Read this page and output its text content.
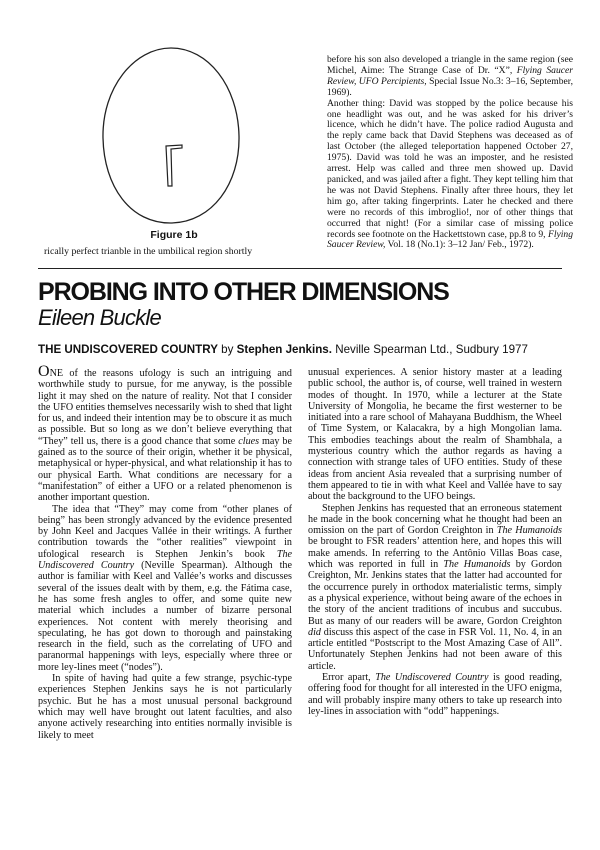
Figure 1b
rically perfect trianble in the umbilical region shortly

before his son also developed a triangle in the same region (see Michel, Aime: The Strange Case of Dr. “X”, Flying Saucer Review, UFO Percipients, Special Issue No.3: 3–16, September, 1969).

Another thing: David was stopped by the police because his one headlight was out, and he was asked for his driver’s licence, which he didn’t have. The police radiod Augusta and the reply came back that David Stephens was deceased as of last October (the alleged teleportation happened October 27, 1975). David was told he was an imposter, and he resisted arrest. Help was called and three men showed up. David panicked, and was jailed after a fight. They kept telling him that he was not David Stephens. Finally after three hours, they let him go, after taking fingerprints. Later he checked and there were no records of this imbroglio!, nor of other things that occurred that night! (For a similar case of missing police records see footnote on the Hackettstown case, pp.8 to 9, Flying Saucer Review, Vol. 18 (No.1): 3–12 Jan/ Feb., 1972).

PROBING INTO OTHER DIMENSIONS
Eileen Buckle
THE UNDISCOVERED COUNTRY by Stephen Jenkins. Neville Spearman Ltd., Sudbury 1977

ONE of the reasons ufology is such an intriguing and worthwhile study to pursue, for me anyway, is the possible light it may shed on the nature of reality. Not that I consider the UFO entities themselves necessarily wish to shed that light for us, and indeed their intention may be to obscure it as much as possible. But so long as we don’t believe everything that “They” tell us, there is a good chance that some clues may be gained as to the source of their origin, whether it be physical, metaphysical or hyper-physical, and what relationship it has to our physical Earth. What conditions are necessary for a “manifestation” of either a UFO or a related phenomenon is another important question.

The idea that “They” may come from “other planes of being” has been strongly advanced by the evidence presented by John Keel and Jacques Vallée in their writings. A further contribution towards the “other realities” viewpoint in ufological research is Stephen Jenkin’s book The Undiscovered Country (Neville Spearman). Although the author is familiar with Keel and Vallée’s works and discusses several of the issues dealt with by them, e.g. the Fátima case, he has some fresh angles to offer, and some quite new material which includes a number of bizarre personal experiences. Not content with merely theorising and speculating, he has got down to thorough and painstaking research in the field, such as the correlating of UFO and paranormal happenings with leys, especially where three or more ley-lines meet (“nodes”).

In spite of having had quite a few strange, psychic-type experiences Stephen Jenkins says he is not particularly psychic. But he has a most unusual personal background which may well have brought out latent faculties, and also anyone actively researching into entities normally invisible is likely to meet

unusual experiences. A senior history master at a leading public school, the author is, of course, well trained in western modes of thought. In 1970, while a lecturer at the State University of Mongolia, he became the first westerner to be initiated into a rare school of Mahayana Buddhism, the Wheel of Time System, or Kalacakra, by a high Mongolian lama. This embodies teachings about the realm of Shambhala, a mysterious country which the author regards as having a connection with strange tales of UFO entities. Study of these ideas from ancient Asia revealed that a surprising number of them appeared to tie in with what Keel and Vallée have to say about the background to the UFO beings.

Stephen Jenkins has requested that an erroneous statement he made in the book concerning what he thought had been an omission on the part of Gordon Creighton in The Humanoids be brought to FSR readers’ attention here, and hopes this will make amends. In referring to the Antônio Villas Boas case, which was reported in full in The Humanoids by Gordon Creighton, Mr. Jenkins states that the latter had accounted for the occurrence purely in orthodox materialistic terms, simply as a physical experience, without being aware of the echoes in the story of the ancient traditions of incubus and succubus. But as many of our readers will be aware, Gordon Creighton did discuss this aspect of the case in FSR Vol. 11, No. 4, in an article entitled “Postscript to the Most Amazing Case of All”. Unfortunately Stephen Jenkins had not been aware of this article.

Error apart, The Undiscovered Country is good reading, offering food for thought for all interested in the UFO enigma, and will probably inspire many others to take up research into ley-lines in association with “odd” happenings.
